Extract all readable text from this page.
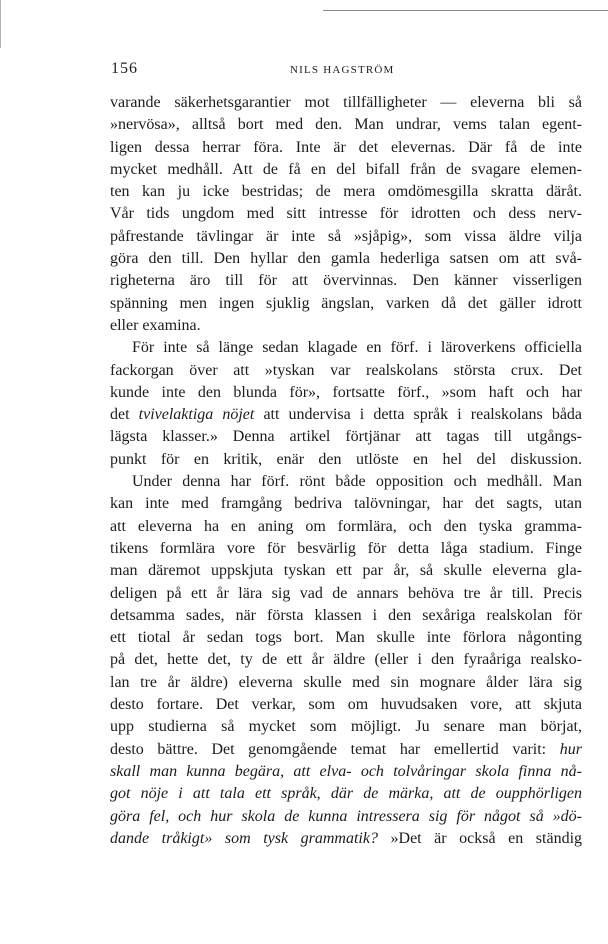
156	NILS HAGSTRÖM
varande säkerhetsgarantier mot tillfälligheter — eleverna bli så
»nervösa», alltså bort med den. Man undrar, vems talan egent-
ligen dessa herrar föra. Inte är det elevernas. Där få de inte
mycket medhåll. Att de få en del bifall från de svagare elemen-
ten kan ju icke bestridas; de mera omdömesgilla skratta däråt.
Vår tids ungdom med sitt intresse för idrotten och dess nerv-
påfrestande tävlingar är inte så »sjåpig», som vissa äldre vilja
göra den till. Den hyllar den gamla hederliga satsen om att svå-
righeterna äro till för att övervinnas. Den känner visserligen
spänning men ingen sjuklig ängslan, varken då det gäller idrott
eller examina.
För inte så länge sedan klagade en förf. i läroverkens officiella
fackorgan över att »tyskan var realskolans största crux. Det
kunde inte den blunda för», fortsatte förf., »som haft och har
det tvivelaktiga nöjet att undervisa i detta språk i realskolans båda
lägsta klasser.» Denna artikel förtjänar att tagas till utgångs-
punkt för en kritik, enär den utlöste en hel del diskussion.
Under denna har förf. rönt både opposition och medhåll. Man
kan inte med framgång bedriva talövningar, har det sagts, utan
att eleverna ha en aning om formlära, och den tyska gramma-
tikens formlära vore för besvärlig för detta låga stadium. Finge
man däremot uppskjuta tyskan ett par år, så skulle eleverna gla-
deligen på ett år lära sig vad de annars behöva tre år till. Precis
detsamma sades, när första klassen i den sexåriga realskolan för
ett tiotal år sedan togs bort. Man skulle inte förlora någonting
på det, hette det, ty de ett år äldre (eller i den fyraåriga realsko-
lan tre år äldre) eleverna skulle med sin mognare ålder lära sig
desto fortare. Det verkar, som om huvudsaken vore, att skjuta
upp studierna så mycket som möjligt. Ju senare man börjat,
desto bättre. Det genomgående temat har emellertid varit: hur
skall man kunna begära, att elva- och tolvåringar skola finna nå-
got nöje i att tala ett språk, där de märka, att de oupphörligen
göra fel, och hur skola de kunna intressera sig för något så »dö-
dande tråkigt» som tysk grammatik? »Det är också en ständig
